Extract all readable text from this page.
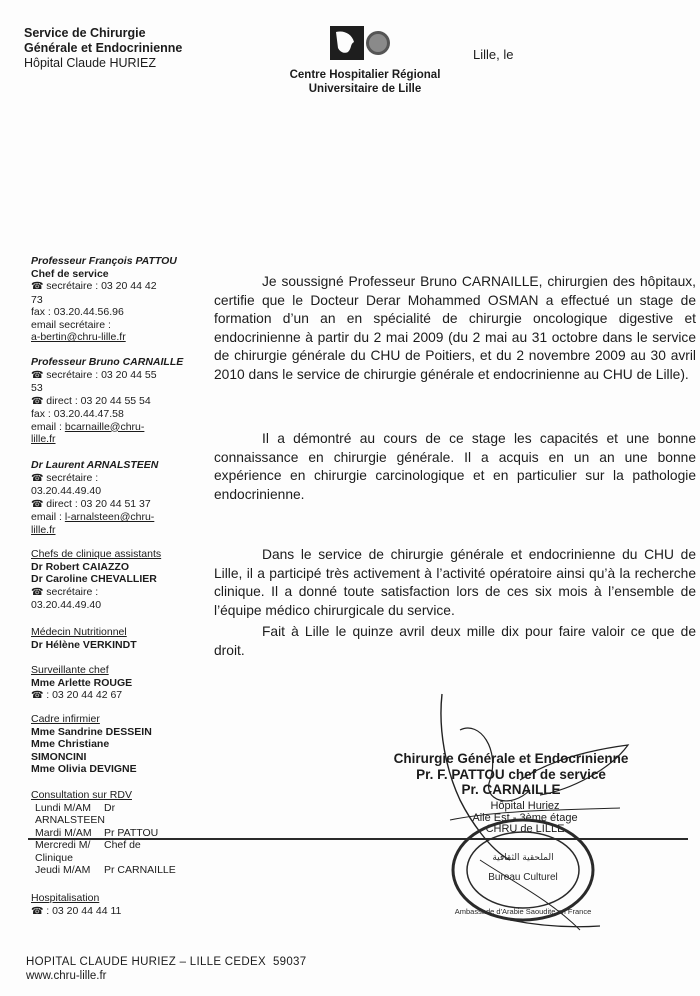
Service de Chirurgie
Générale et Endocrinienne
Hôpital Claude HURIEZ
Centre Hospitalier Régional
Universitaire de Lille
Lille, le
Professeur François PATTOU
Chef de service
☎ secrétaire : 03 20 44 42
73
fax : 03.20.44.56.96
email secrétaire :
a-bertin@chru-lille.fr
Professeur Bruno CARNAILLE
☎ secrétaire : 03 20 44 55
53
☎ direct : 03 20 44 55 54
fax : 03.20.44.47.58
email : bcarnaille@chru-
lille.fr
Dr Laurent ARNALSTEEN
☎ secrétaire :
03.20.44.49.40
☎ direct : 03 20 44 51 37
email : l-arnalsteen@chru-
lille.fr
Chefs de clinique assistants
Dr Robert CAIAZZO
Dr Caroline CHEVALLIER
☎ secrétaire :
03.20.44.49.40
Médecin Nutritionnel
Dr Hélène VERKINDT
Surveillante chef
Mme Arlette ROUGE
☎ : 03 20 44 42 67
Cadre infirmier
Mme Sandrine DESSEIN
Mme Christiane
SIMONCINI
Mme Olivia DEVIGNE
Consultation sur RDV
Lundi M/AM	Dr
ARNALSTEEN
Mardi M/AM	Pr PATTOU
Mercredi M/	Chef de
Clinique
Jeudi M/AM	Pr CARNAILLE
Hospitalisation
☎ : 03 20 44 44 11

Je soussigné Professeur Bruno CARNAILLE, chirurgien des hôpitaux, certifie que le Docteur Derar Mohammed OSMAN a effectué un stage de formation d’un an en spécialité de chirurgie oncologique digestive et endocrinienne à partir du 2 mai 2009 (du 2 mai au 31 octobre dans le service de chirurgie générale du CHU de Poitiers, et du 2 novembre 2009 au 30 avril 2010 dans le service de chirurgie générale et endocrinienne au CHU de Lille).

Il a démontré au cours de ce stage les capacités et une bonne connaissance en chirurgie générale. Il a acquis en un an une bonne expérience en chirurgie carcinologique et en particulier sur la pathologie endocrinienne.

Dans le service de chirurgie générale et endocrinienne du CHU de Lille, il a participé très activement à l’activité opératoire ainsi qu’à la recherche clinique. Il a donné toute satisfaction lors de ces six mois à l’ensemble de l’équipe médico chirurgicale du service.

Fait à Lille le quinze avril deux mille dix pour faire valoir ce que de droit.

Chirurgie Générale et Endocrinienne
Pr. F. PATTOU chef de service
Pr. CARNAILLE
Hôpital Huriez
Aile Est - 3ème étage
CHRU de LILLE
الملحقية الثقافية
Bureau Culturel
Ambassade d'Arabie Saoudite en France
HOPITAL CLAUDE HURIEZ – LILLE CEDEX 59037
www.chru-lille.fr
